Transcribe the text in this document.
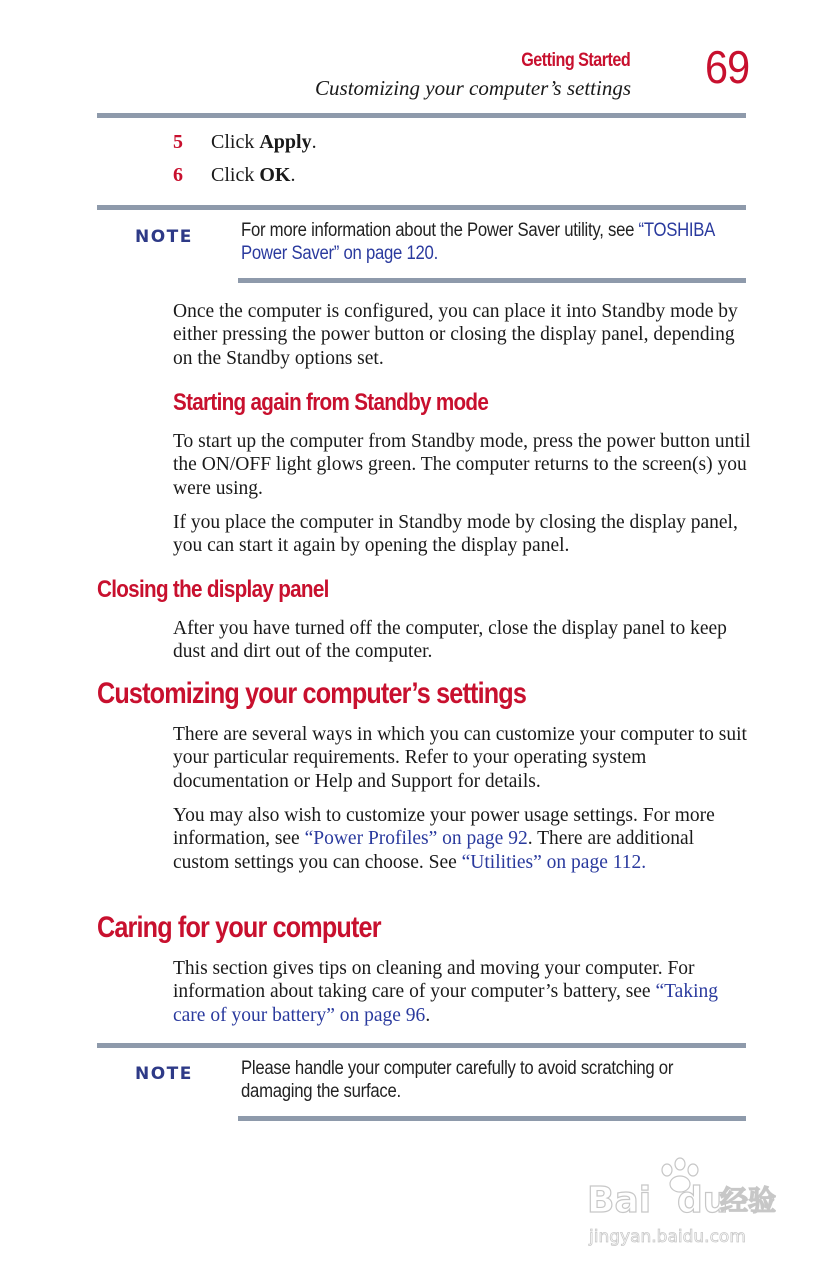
Getting Started
Customizing your computer’s settings 69
5 Click Apply.
6 Click OK.
NOTE	For more information about the Power Saver utility, see “TOSHIBA Power Saver” on page 120.
Once the computer is configured, you can place it into Standby mode by either pressing the power button or closing the display panel, depending on the Standby options set.
Starting again from Standby mode
To start up the computer from Standby mode, press the power button until the ON/OFF light glows green. The computer returns to the screen(s) you were using.
If you place the computer in Standby mode by closing the display panel, you can start it again by opening the display panel.
Closing the display panel
After you have turned off the computer, close the display panel to keep dust and dirt out of the computer.
Customizing your computer’s settings
There are several ways in which you can customize your computer to suit your particular requirements. Refer to your operating system documentation or Help and Support for details.
You may also wish to customize your power usage settings. For more information, see “Power Profiles” on page 92. There are additional custom settings you can choose. See “Utilities” on page 112.
Caring for your computer
This section gives tips on cleaning and moving your computer. For information about taking care of your computer’s battery, see “Taking care of your battery” on page 96.
NOTE	Please handle your computer carefully to avoid scratching or damaging the surface.
Bai du
经验
jingyan.baidu.com
